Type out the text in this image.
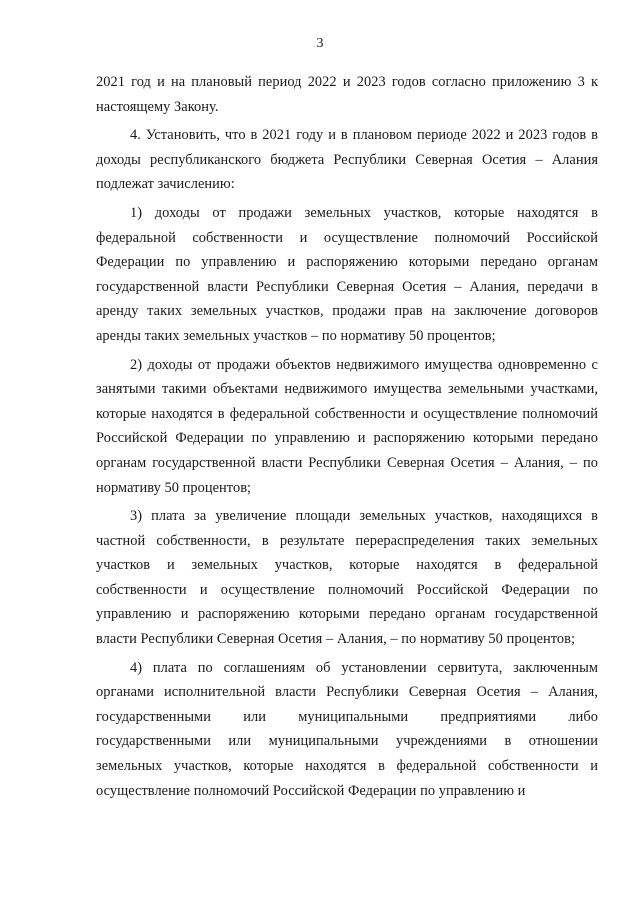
3

2021 год и на плановый период 2022 и 2023 годов согласно приложению 3 к настоящему Закону.

4. Установить, что в 2021 году и в плановом периоде 2022 и 2023 годов в доходы республиканского бюджета Республики Северная Осетия – Алания подлежат зачислению:

1) доходы от продажи земельных участков, которые находятся в федеральной собственности и осуществление полномочий Российской Федерации по управлению и распоряжению которыми передано органам государственной власти Республики Северная Осетия – Алания, передачи в аренду таких земельных участков, продажи прав на заключение договоров аренды таких земельных участков – по нормативу 50 процентов;

2) доходы от продажи объектов недвижимого имущества одновременно с занятыми такими объектами недвижимого имущества земельными участками, которые находятся в федеральной собственности и осуществление полномочий Российской Федерации по управлению и распоряжению которыми передано органам государственной власти Республики Северная Осетия – Алания, – по нормативу 50 процентов;

3) плата за увеличение площади земельных участков, находящихся в частной собственности, в результате перераспределения таких земельных участков и земельных участков, которые находятся в федеральной собственности и осуществление полномочий Российской Федерации по управлению и распоряжению которыми передано органам государственной власти Республики Северная Осетия – Алания, – по нормативу 50 процентов;

4) плата по соглашениям об установлении сервитута, заключенным органами исполнительной власти Республики Северная Осетия – Алания, государственными или муниципальными предприятиями либо государственными или муниципальными учреждениями в отношении земельных участков, которые находятся в федеральной собственности и осуществление полномочий Российской Федерации по управлению и
